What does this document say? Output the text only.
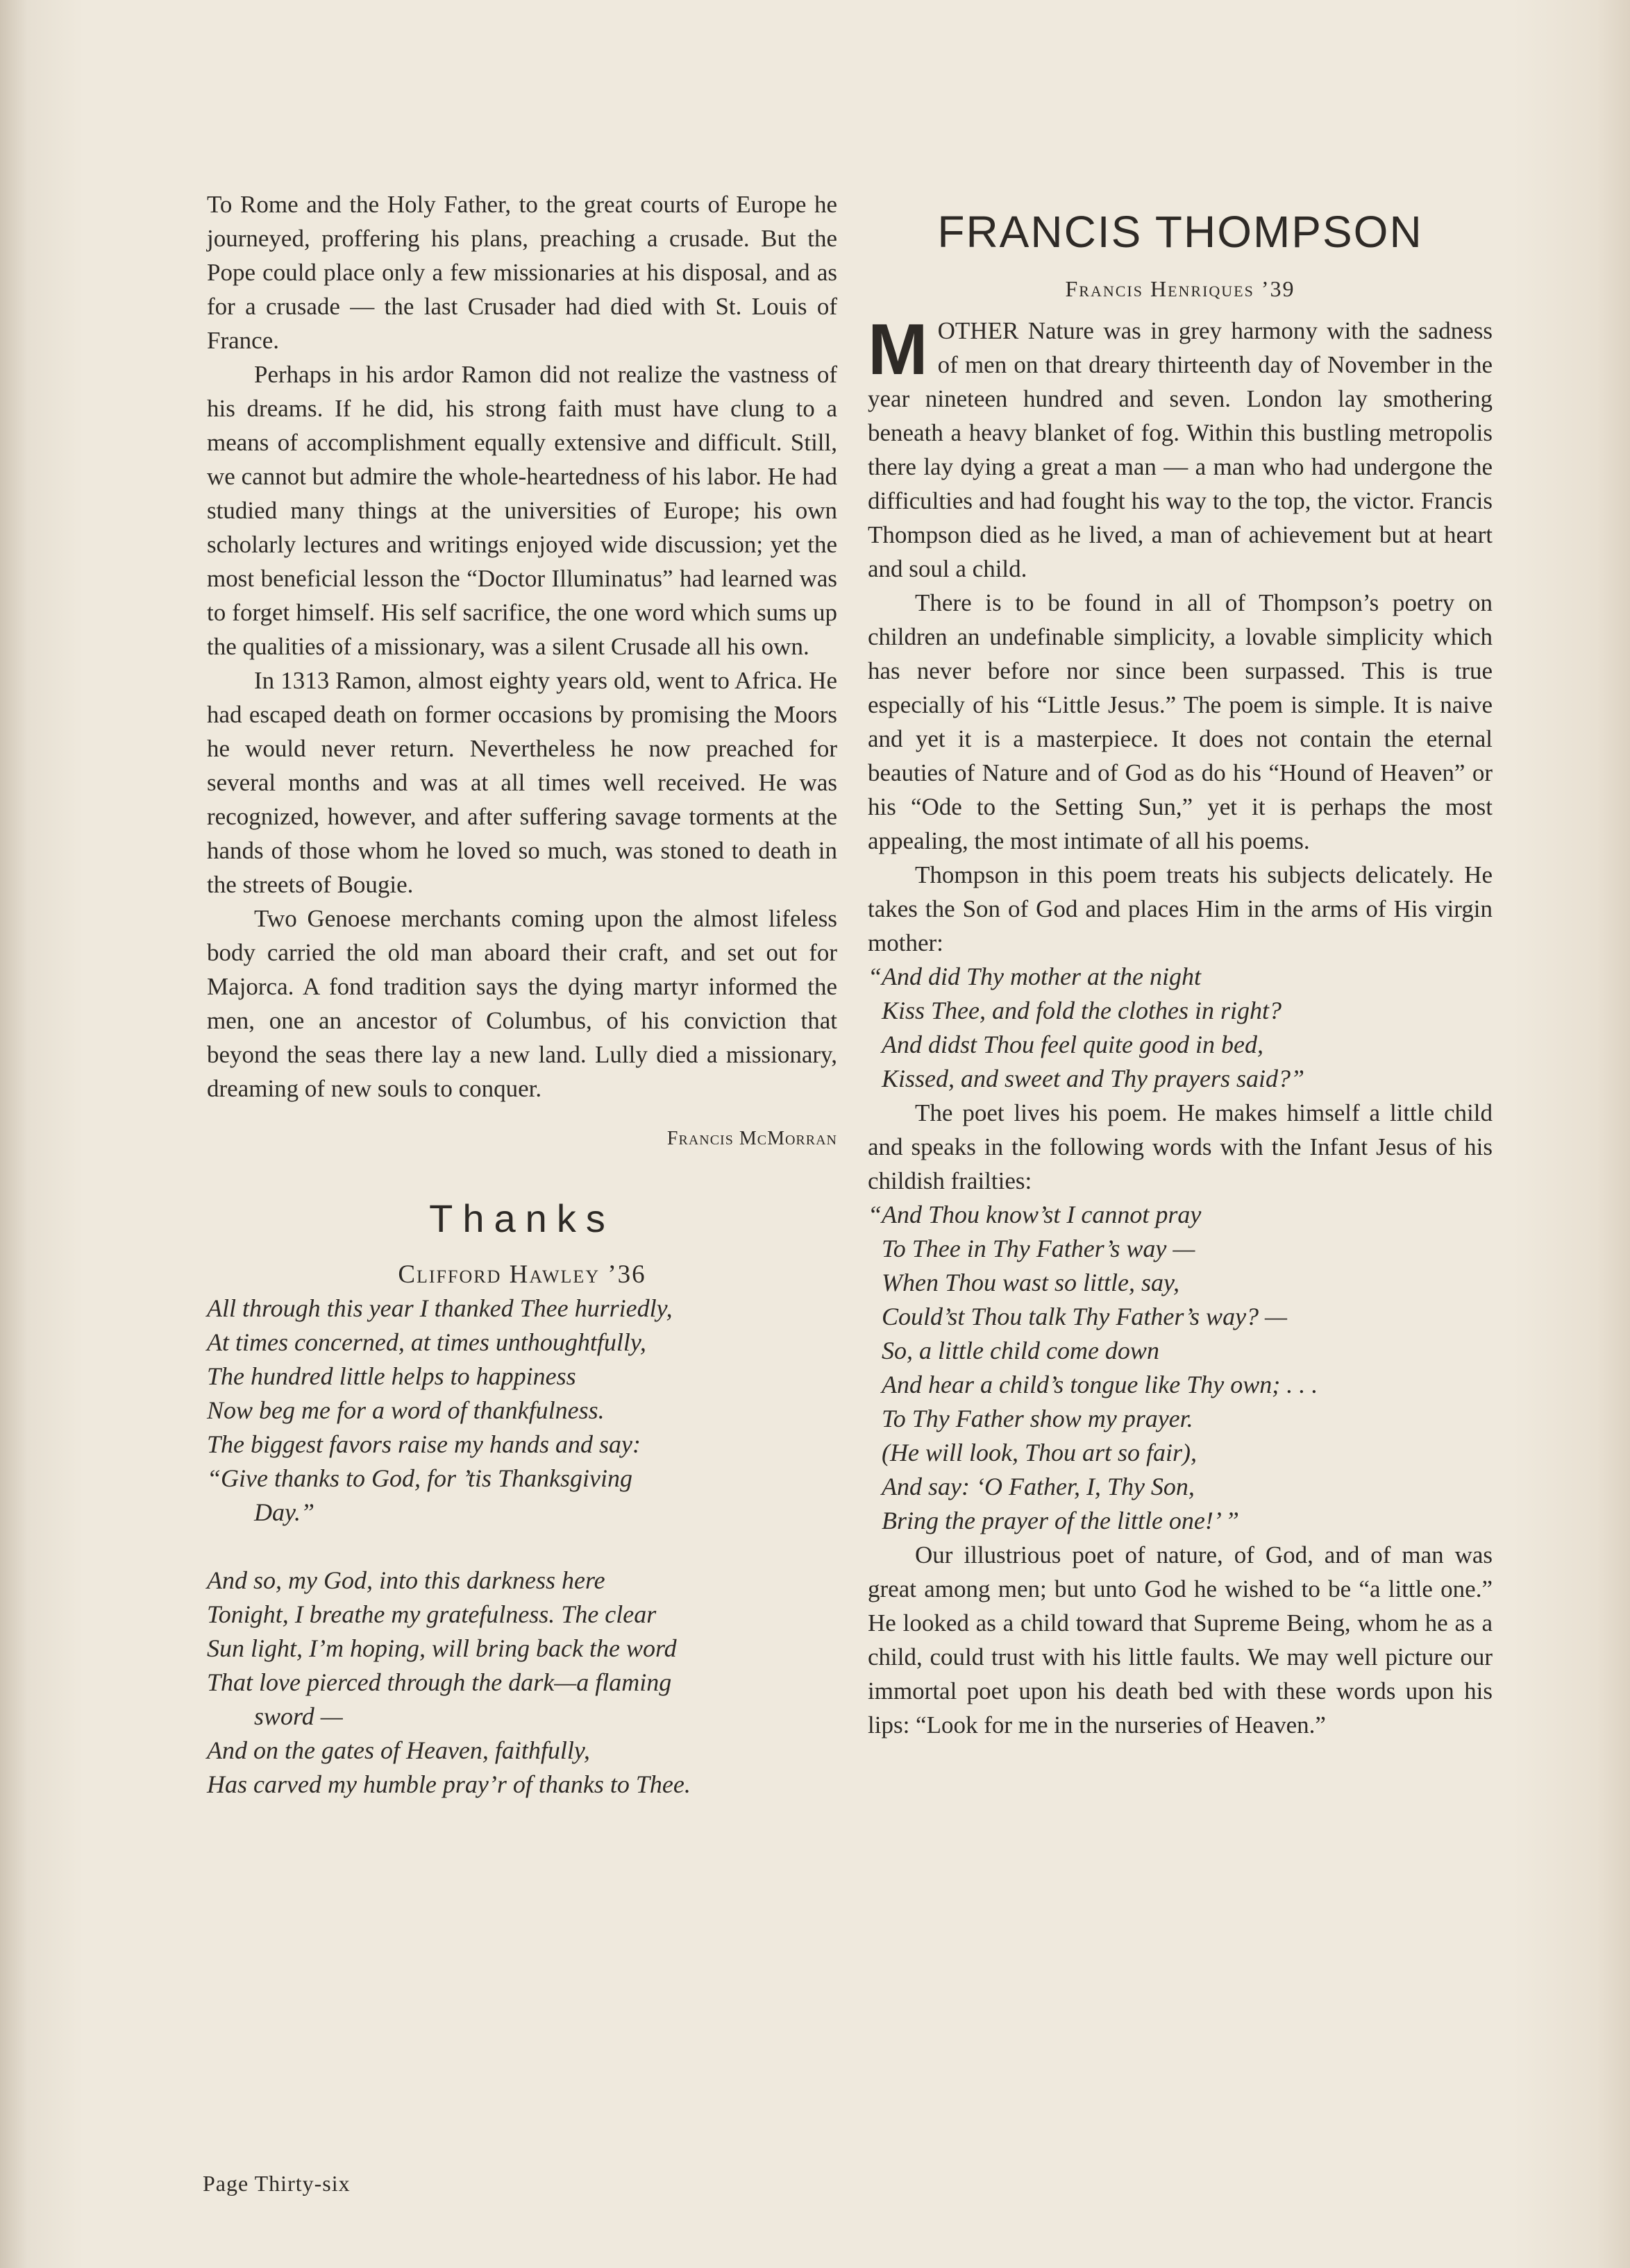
To Rome and the Holy Father, to the great courts of Europe he journeyed, proffering his plans, preaching a crusade. But the Pope could place only a few missionaries at his disposal, and as for a crusade — the last Crusader had died with St. Louis of France.

Perhaps in his ardor Ramon did not realize the vastness of his dreams. If he did, his strong faith must have clung to a means of accomplishment equally extensive and difficult. Still, we cannot but admire the whole-heartedness of his labor. He had studied many things at the universities of Europe; his own scholarly lectures and writings enjoyed wide discussion; yet the most beneficial lesson the “Doctor Illuminatus” had learned was to forget himself. His self sacrifice, the one word which sums up the qualities of a missionary, was a silent Crusade all his own.

In 1313 Ramon, almost eighty years old, went to Africa. He had escaped death on former occasions by promising the Moors he would never return. Nevertheless he now preached for several months and was at all times well received. He was recognized, however, and after suffering savage torments at the hands of those whom he loved so much, was stoned to death in the streets of Bougie.

Two Genoese merchants coming upon the almost lifeless body carried the old man aboard their craft, and set out for Majorca. A fond tradition says the dying martyr informed the men, one an ancestor of Columbus, of his conviction that beyond the seas there lay a new land. Lully died a missionary, dreaming of new souls to conquer.

Francis McMorran
Thanks
Clifford Hawley ’36
All through this year I thanked Thee hurriedly,
At times concerned, at times unthoughtfully,
The hundred little helps to happiness
Now beg me for a word of thankfulness.
The biggest favors raise my hands and say:
“Give thanks to God, for ’tis Thanksgiving
Day.”
And so, my God, into this darkness here
Tonight, I breathe my gratefulness. The clear
Sun light, I’m hoping, will bring back the word
That love pierced through the dark—a flaming
sword —
And on the gates of Heaven, faithfully,
Has carved my humble pray’r of thanks to Thee.
FRANCIS THOMPSON
Francis Henriques ’39

MOTHER Nature was in grey harmony with the sadness of men on that dreary thirteenth day of November in the year nineteen hundred and seven. London lay smothering beneath a heavy blanket of fog. Within this bustling metropolis there lay dying a great a man — a man who had undergone the difficulties and had fought his way to the top, the victor. Francis Thompson died as he lived, a man of achievement but at heart and soul a child.

There is to be found in all of Thompson’s poetry on children an undefinable simplicity, a lovable simplicity which has never before nor since been surpassed. This is true especially of his “Little Jesus.” The poem is simple. It is naive and yet it is a masterpiece. It does not contain the eternal beauties of Nature and of God as do his “Hound of Heaven” or his “Ode to the Setting Sun,” yet it is perhaps the most appealing, the most intimate of all his poems.

Thompson in this poem treats his subjects delicately. He takes the Son of God and places Him in the arms of His virgin mother:

“And did Thy mother at the night
Kiss Thee, and fold the clothes in right?
And didst Thou feel quite good in bed,
Kissed, and sweet and Thy prayers said?”

The poet lives his poem. He makes himself a little child and speaks in the following words with the Infant Jesus of his childish frailties:

“And Thou know’st I cannot pray
To Thee in Thy Father’s way —
When Thou wast so little, say,
Could’st Thou talk Thy Father’s way? —
So, a little child come down
And hear a child’s tongue like Thy own; . . .
To Thy Father show my prayer.
(He will look, Thou art so fair),
And say: ‘O Father, I, Thy Son,
Bring the prayer of the little one!’ ”

Our illustrious poet of nature, of God, and of man was great among men; but unto God he wished to be “a little one.” He looked as a child toward that Supreme Being, whom he as a child, could trust with his little faults. We may well picture our immortal poet upon his death bed with these words upon his lips: “Look for me in the nurseries of Heaven.”

Page Thirty-six
